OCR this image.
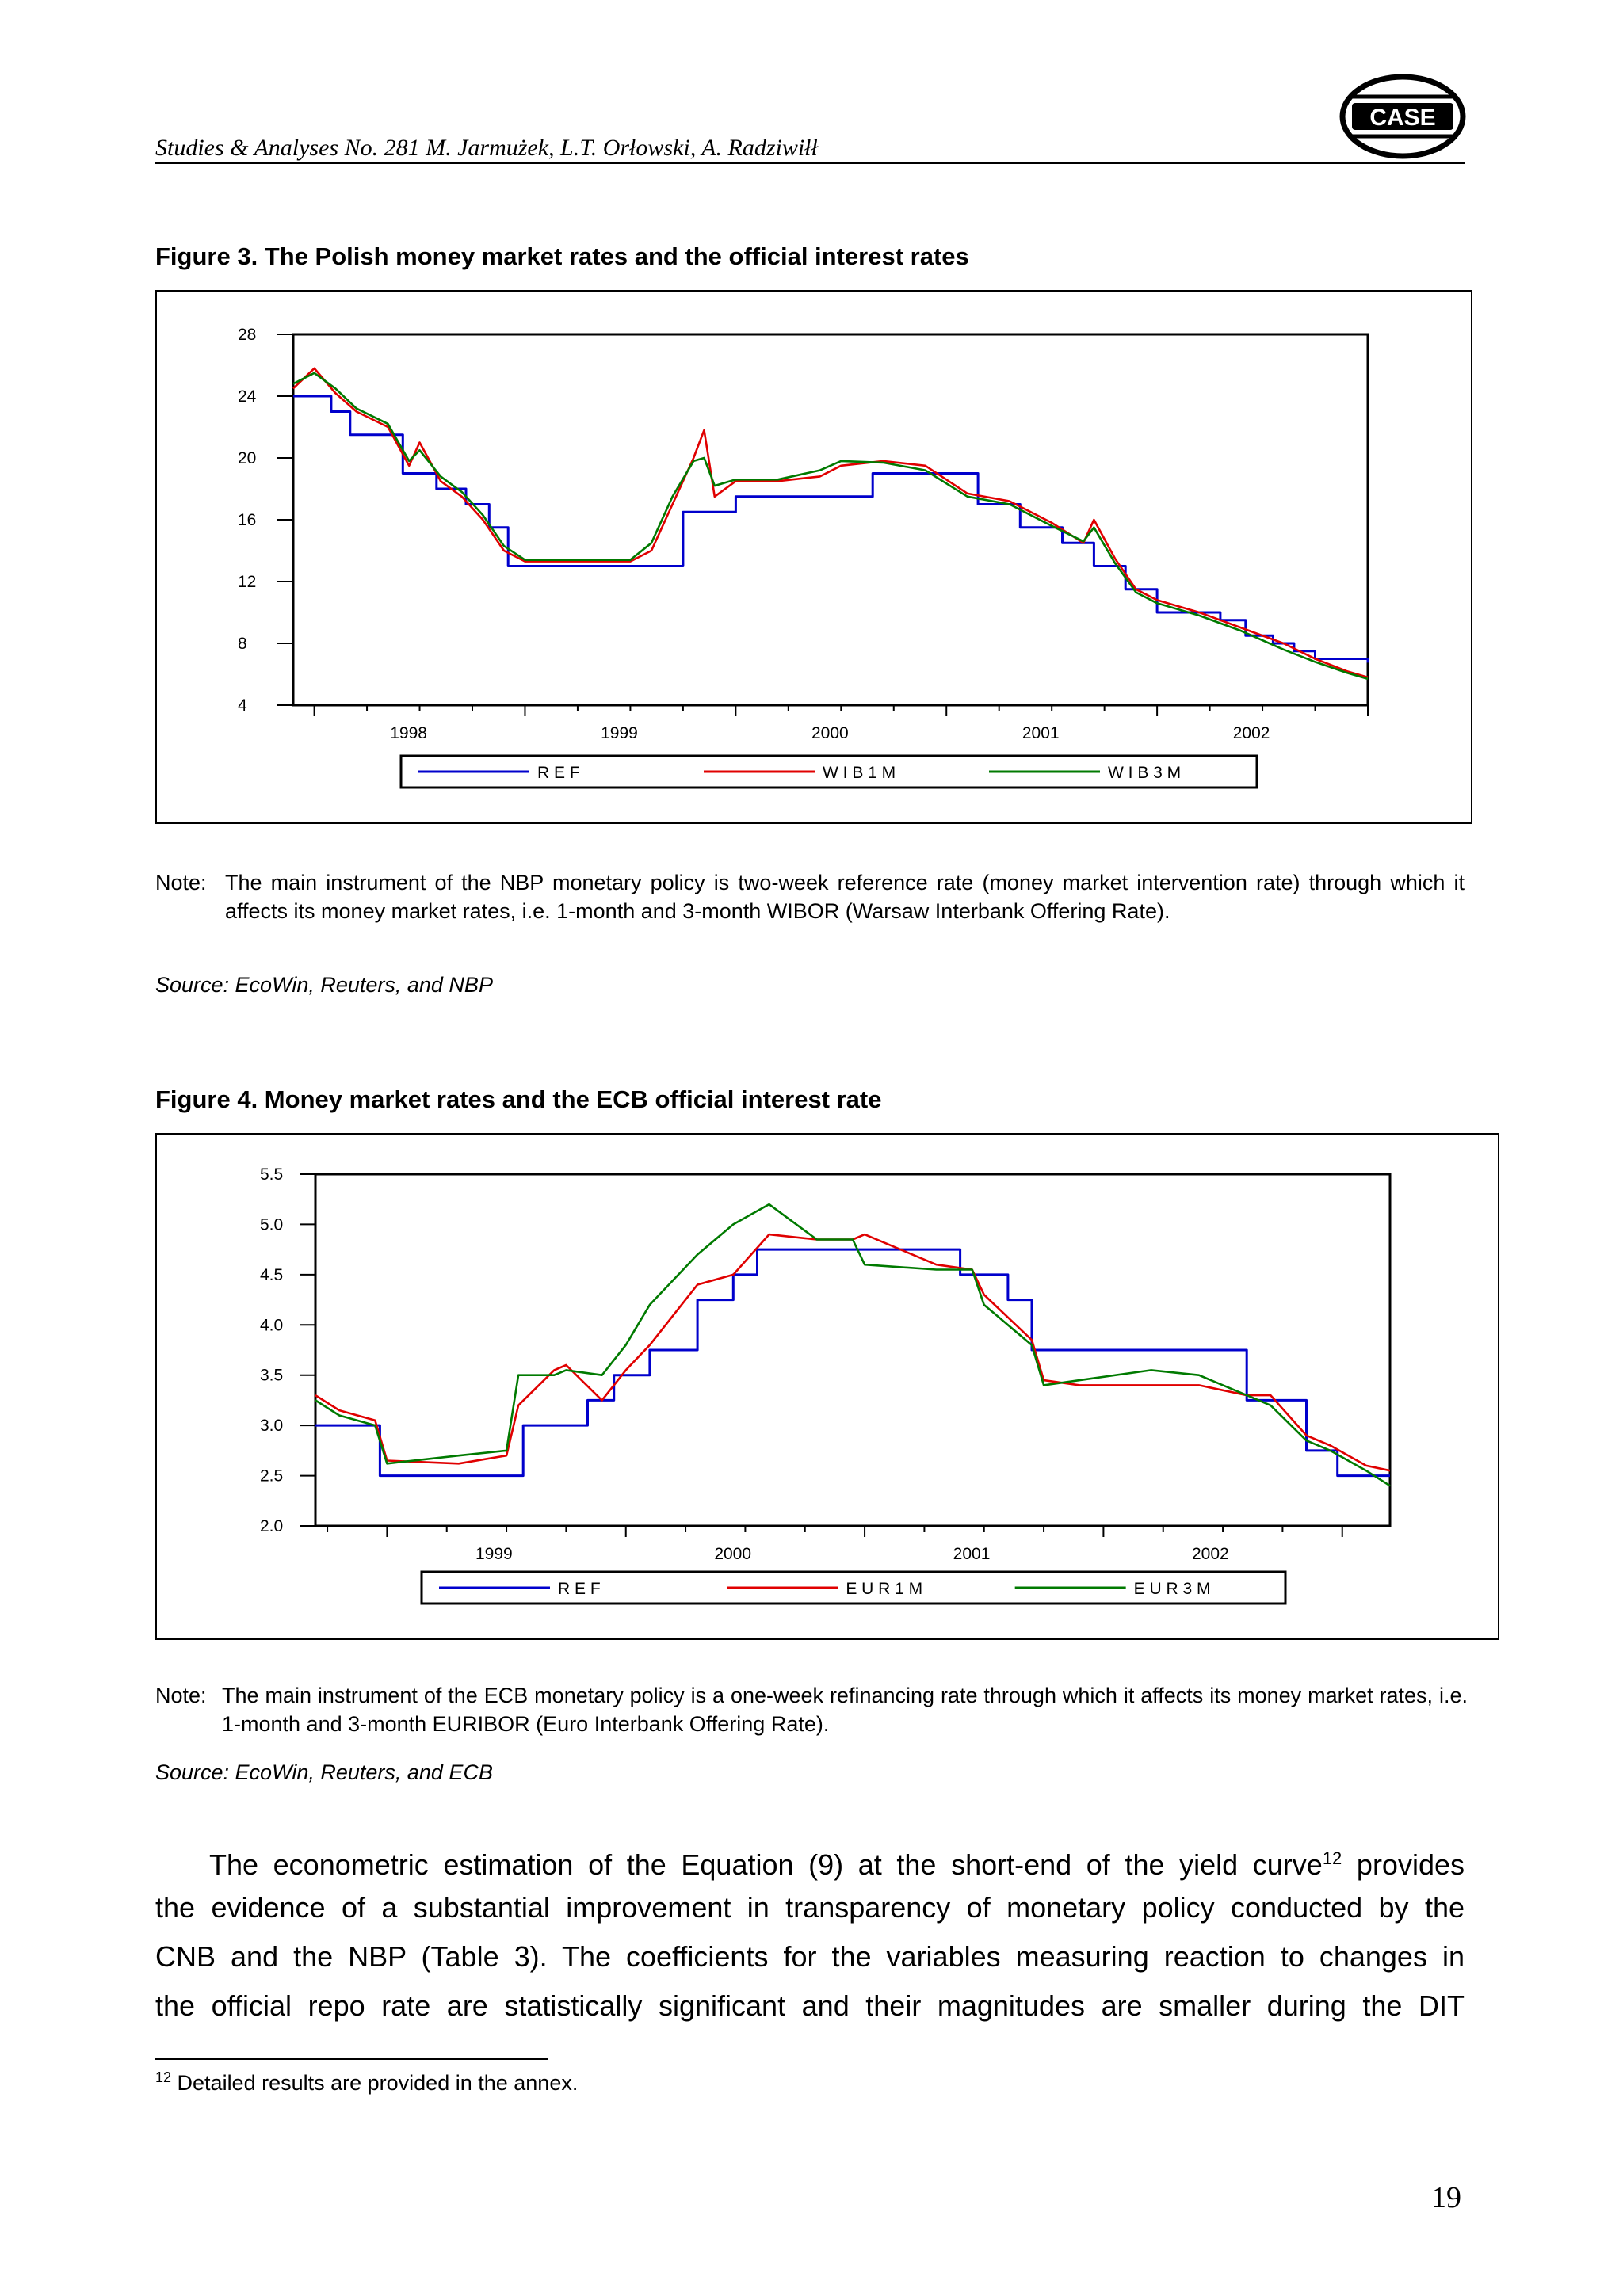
Studies & Analyses No. 281 M. Jarmużek, L.T. Orłowski, A. Radziwiłł
CASE
Figure 3. The Polish money market rates and the official interest rates
28
24
20
16
12
8
4
1998	1999	2000	2001	2002
R E F	W I B 1 M	W I B 3 M
Note: The main instrument of the NBP monetary policy is two-week reference rate (money market intervention rate) through which it affects its money market rates, i.e. 1-month and 3-month WIBOR (Warsaw Interbank Offering Rate).
Source: EcoWin, Reuters, and NBP
Figure 4. Money market rates and the ECB official interest rate
5.5
5.0
4.5
4.0
3.5
3.0
2.5
2.0
1999	2000	2001	2002
R E F	E U R 1 M	E U R 3 M
Note: The main instrument of the ECB monetary policy is a one-week refinancing rate through which it affects its money market rates, i.e. 1-month and 3-month EURIBOR (Euro Interbank Offering Rate).
Source: EcoWin, Reuters, and ECB
The econometric estimation of the Equation (9) at the short-end of the yield curve$^{12}$ provides
the evidence of a substantial improvement in transparency of monetary policy conducted by the
CNB and the NBP (Table 3). The coefficients for the variables measuring reaction to changes in
the official repo rate are statistically significant and their magnitudes are smaller during the DIT
$^{12}$ Detailed results are provided in the annex.
19
